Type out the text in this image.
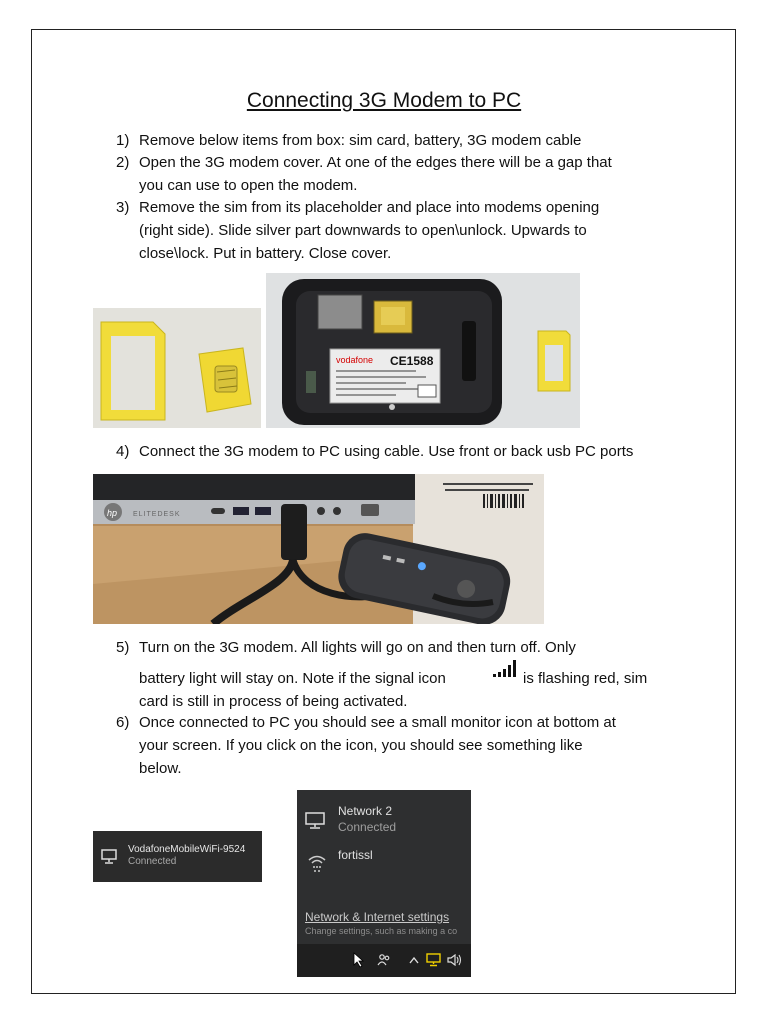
Connecting 3G Modem to PC
1) Remove below items from box: sim card, battery, 3G modem cable
2) Open the 3G modem cover. At one of the edges there will be a gap that
you can use to open the modem.
3) Remove the sim from its placeholder and place into modems opening
(right side). Slide silver part downwards to open\unlock. Upwards to
close\lock. Put in battery. Close cover.
vodafone CE1588
4) Connect the 3G modem to PC using cable. Use front or back usb PC ports
hp ELITEDESK
5) Turn on the 3G modem. All lights will go on and then turn off. Only
battery light will stay on. Note if the signal icon	is flashing red, sim
card is still in process of being activated.
6) Once connected to PC you should see a small monitor icon at bottom at
your screen. If you click on the icon, you should see something like
below.
VodafoneMobileWiFi-9524
Connected
Network 2
Connected
fortissl
Network & Internet settings
Change settings, such as making a co
